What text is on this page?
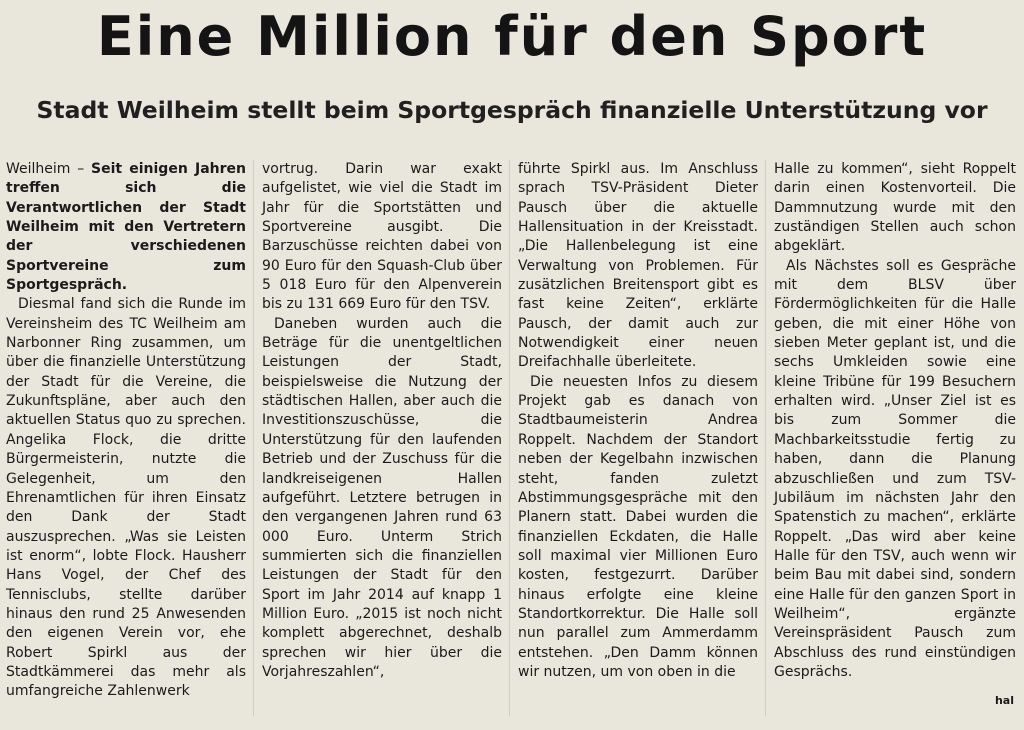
Eine Million für den Sport
Stadt Weilheim stellt beim Sportgespräch finanzielle Unterstützung vor

Weilheim – Seit einigen Jahren treffen sich die Verantwortlichen der Stadt Weilheim mit den Vertretern der verschiedenen Sportvereine zum Sportgespräch.

Diesmal fand sich die Runde im Vereinsheim des TC Weilheim am Narbonner Ring zusammen, um über die finanzielle Unterstützung der Stadt für die Vereine, die Zukunftspläne, aber auch den aktuellen Status quo zu sprechen. Angelika Flock, die dritte Bürgermeisterin, nutzte die Gelegenheit, um den Ehrenamtlichen für ihren Einsatz den Dank der Stadt auszusprechen. „Was sie Leisten ist enorm“, lobte Flock. Hausherr Hans Vogel, der Chef des Tennisclubs, stellte darüber hinaus den rund 25 Anwesenden den eigenen Verein vor, ehe Robert Spirkl aus der Stadtkämmerei das mehr als umfangreiche Zahlenwerk

vortrug. Darin war exakt aufgelistet, wie viel die Stadt im Jahr für die Sportstätten und Sportvereine ausgibt. Die Barzuschüsse reichten dabei von 90 Euro für den Squash-Club über 5 018 Euro für den Alpenverein bis zu 131 669 Euro für den TSV.

Daneben wurden auch die Beträge für die unentgeltlichen Leistungen der Stadt, beispielsweise die Nutzung der städtischen Hallen, aber auch die Investitionszuschüsse, die Unterstützung für den laufenden Betrieb und der Zuschuss für die landkreiseigenen Hallen aufgeführt. Letztere betrugen in den vergangenen Jahren rund 63 000 Euro. Unterm Strich summierten sich die finanziellen Leistungen der Stadt für den Sport im Jahr 2014 auf knapp 1 Million Euro. „2015 ist noch nicht komplett abgerechnet, deshalb sprechen wir hier über die Vorjahreszahlen“,

führte Spirkl aus. Im Anschluss sprach TSV-Präsident Dieter Pausch über die aktuelle Hallensituation in der Kreisstadt. „Die Hallenbelegung ist eine Verwaltung von Problemen. Für zusätzlichen Breitensport gibt es fast keine Zeiten“, erklärte Pausch, der damit auch zur Notwendigkeit einer neuen Dreifachhalle überleitete.

Die neuesten Infos zu diesem Projekt gab es danach von Stadtbaumeisterin Andrea Roppelt. Nachdem der Standort neben der Kegelbahn inzwischen steht, fanden zuletzt Abstimmungsgespräche mit den Planern statt. Dabei wurden die finanziellen Eckdaten, die Halle soll maximal vier Millionen Euro kosten, festgezurrt. Darüber hinaus erfolgte eine kleine Standortkorrektur. Die Halle soll nun parallel zum Ammerdamm entstehen. „Den Damm können wir nutzen, um von oben in die

Halle zu kommen“, sieht Roppelt darin einen Kostenvorteil. Die Dammnutzung wurde mit den zuständigen Stellen auch schon abgeklärt.

Als Nächstes soll es Gespräche mit dem BLSV über Fördermöglichkeiten für die Halle geben, die mit einer Höhe von sieben Meter geplant ist, und die sechs Umkleiden sowie eine kleine Tribüne für 199 Besuchern erhalten wird. „Unser Ziel ist es bis zum Sommer die Machbarkeitsstudie fertig zu haben, dann die Planung abzuschließen und zum TSV-Jubiläum im nächsten Jahr den Spatenstich zu machen“, erklärte Roppelt. „Das wird aber keine Halle für den TSV, auch wenn wir beim Bau mit dabei sind, sondern eine Halle für den ganzen Sport in Weilheim“, ergänzte Vereinspräsident Pausch zum Abschluss des rund einstündigen Gesprächs.

hal
